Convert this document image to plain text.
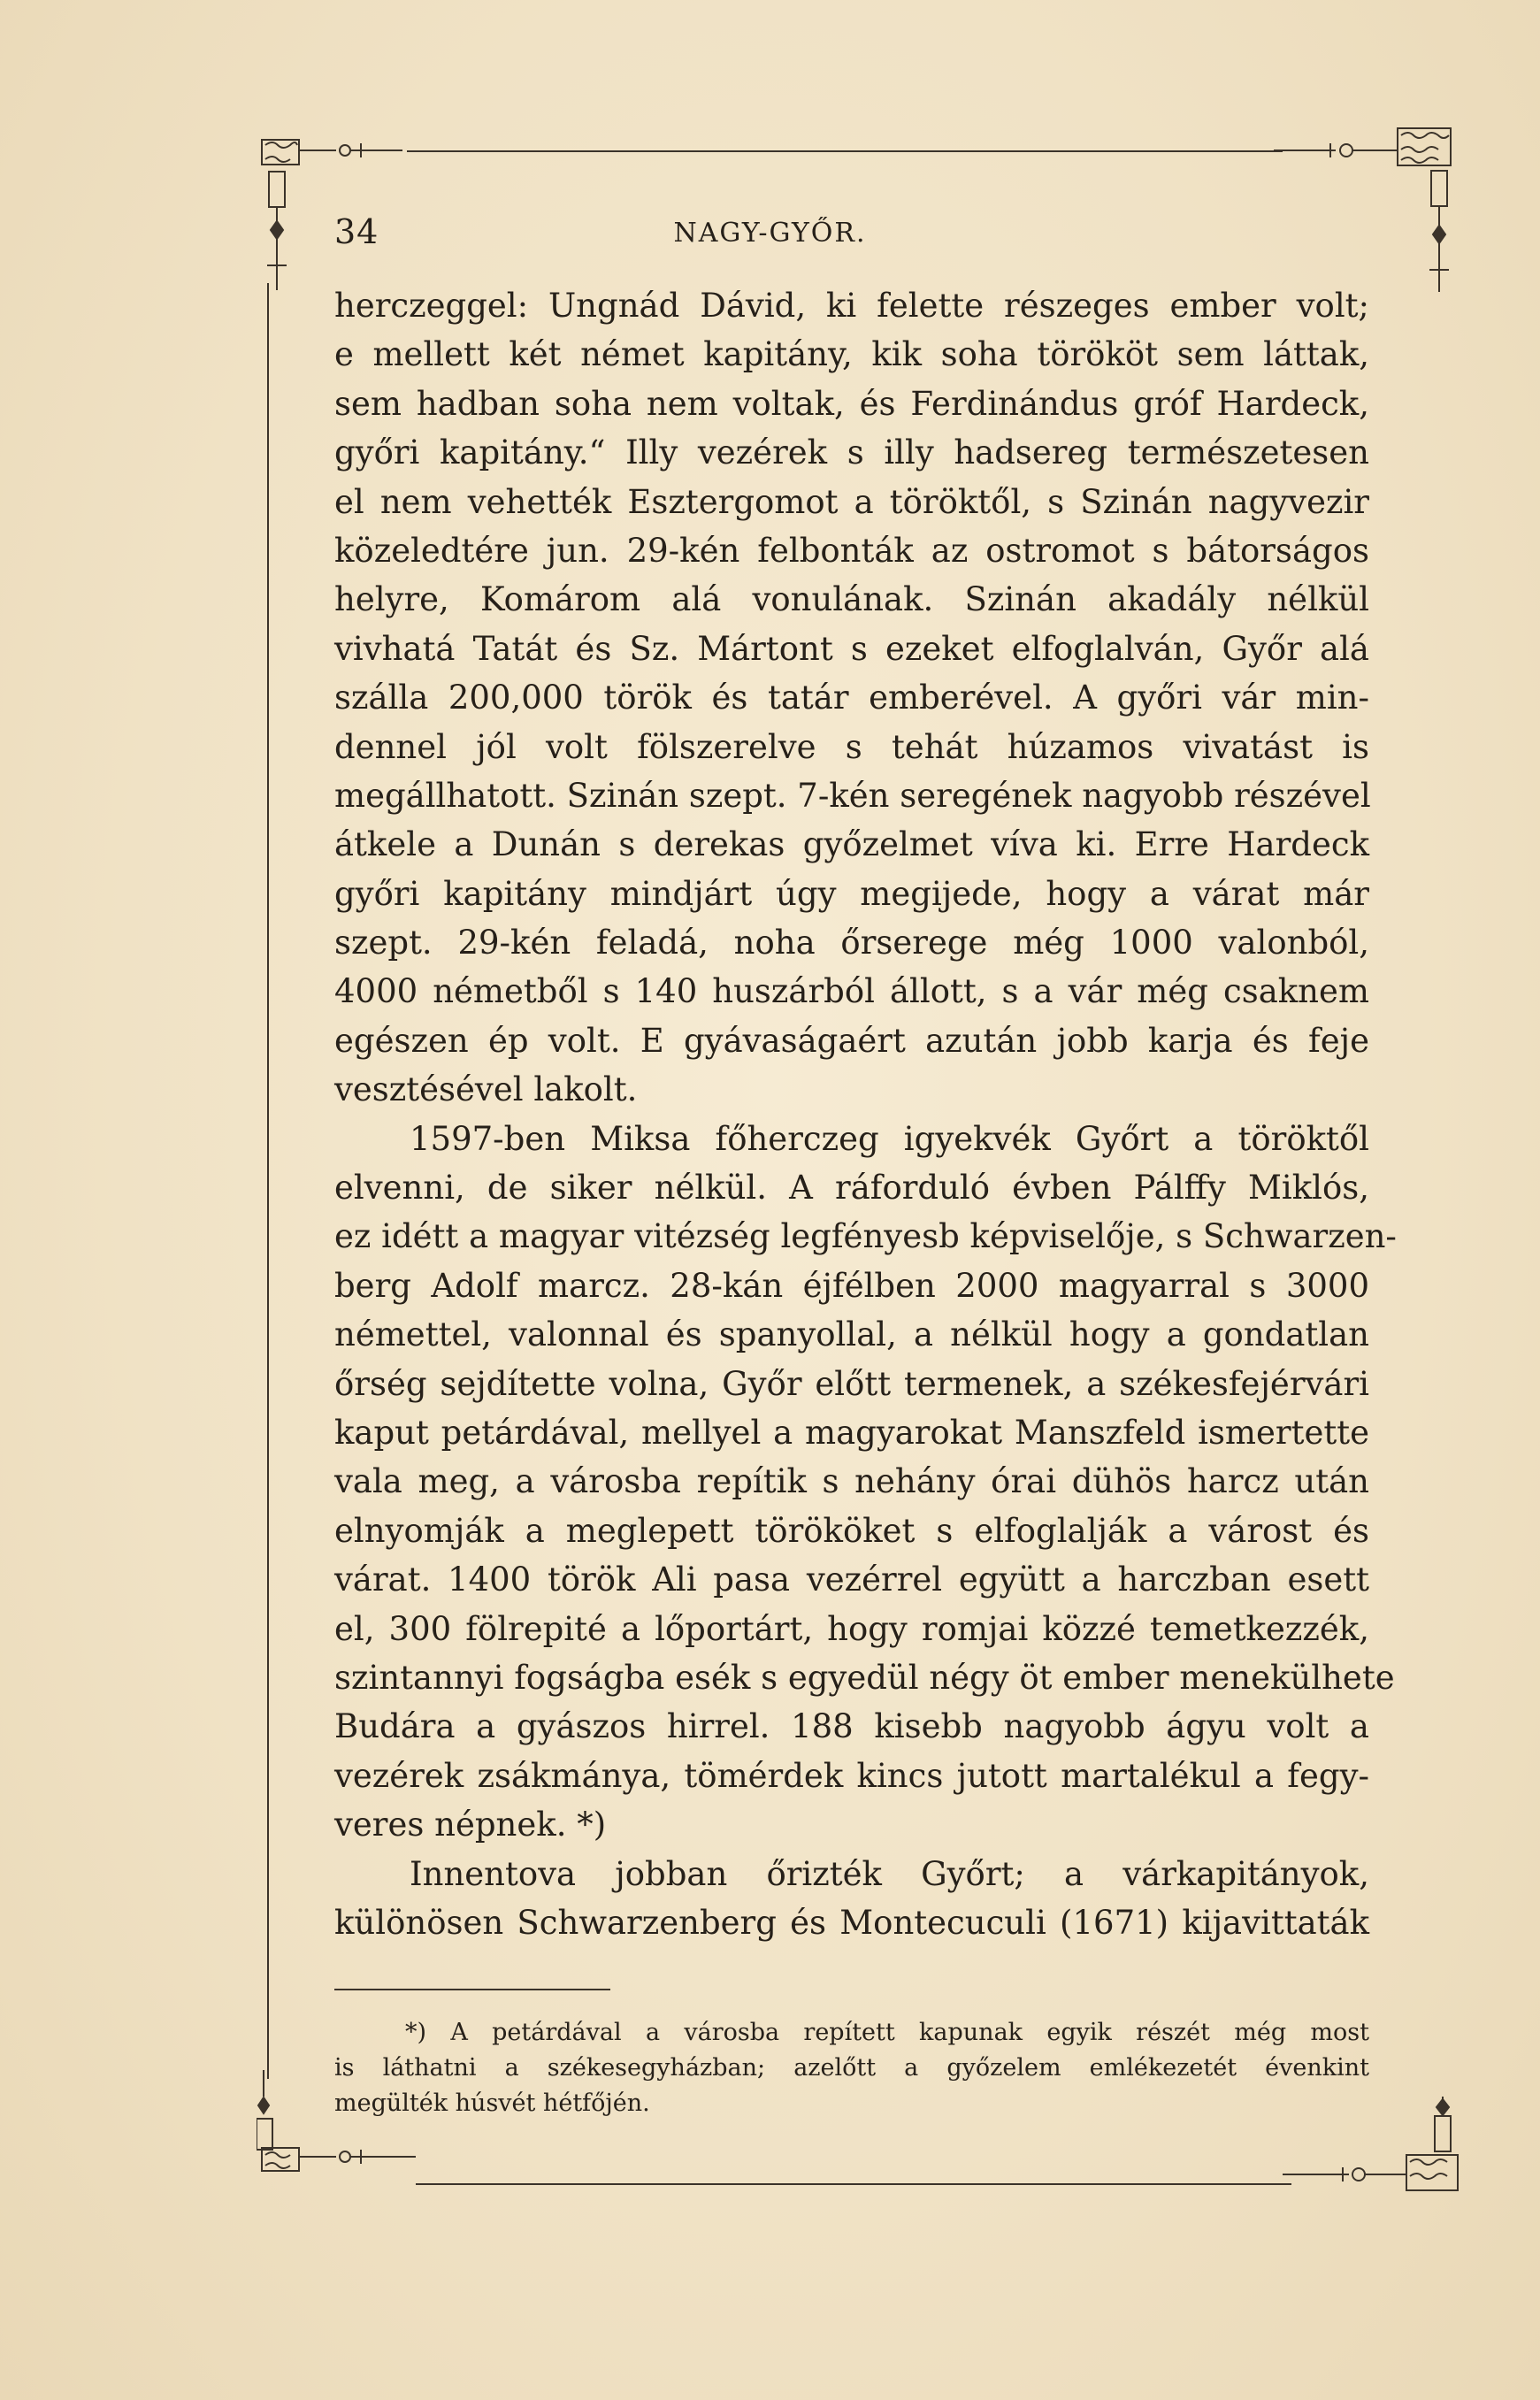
34	NAGY-GYŐR.
herczeggel: Ungnád Dávid, ki felette részeges ember volt;
e mellett két német kapitány, kik soha törököt sem láttak,
sem hadban soha nem voltak, és Ferdinándus gróf Hardeck,
győri kapitány.“ Illy vezérek s illy hadsereg természetesen
el nem vehették Esztergomot a töröktől, s Szinán nagyvezir
közeledtére jun. 29-kén felbonták az ostromot s bátorságos
helyre, Komárom alá vonulának. Szinán akadály nélkül
vivhatá Tatát és Sz. Mártont s ezeket elfoglalván, Győr alá
szálla 200,000 török és tatár emberével. A győri vár min-
dennel jól volt fölszerelve s tehát húzamos vivatást is
megállhatott. Szinán szept. 7-kén seregének nagyobb részével
átkele a Dunán s derekas győzelmet víva ki. Erre Hardeck
győri kapitány mindjárt úgy megijede, hogy a várat már
szept. 29-kén feladá, noha őrserege még 1000 valonból,
4000 németből s 140 huszárból állott, s a vár még csaknem
egészen ép volt. E gyávaságaért azután jobb karja és feje
vesztésével lakolt.
1597-ben Miksa főherczeg igyekvék Győrt a töröktől
elvenni, de siker nélkül. A ráforduló évben Pálffy Miklós,
ez idétt a magyar vitézség legfényesb képviselője, s Schwarzen-
berg Adolf marcz. 28-kán éjfélben 2000 magyarral s 3000
némettel, valonnal és spanyollal, a nélkül hogy a gondatlan
őrség sejdítette volna, Győr előtt termenek, a székesfejérvári
kaput petárdával, mellyel a magyarokat Manszfeld ismertette
vala meg, a városba repítik s nehány órai dühös harcz után
elnyomják a meglepett törököket s elfoglalják a várost és
várat. 1400 török Ali pasa vezérrel együtt a harczban esett
el, 300 fölrepité a lőportárt, hogy romjai közzé temetkezzék,
szintannyi fogságba esék s egyedül négy öt ember menekülhete
Budára a gyászos hirrel. 188 kisebb nagyobb ágyu volt a
vezérek zsákmánya, tömérdek kincs jutott martalékul a fegy-
veres népnek. *)
Innentova jobban őrizték Győrt; a várkapitányok,
különösen Schwarzenberg és Montecuculi (1671) kijavittaták
*) A petárdával a városba repített kapunak egyik részét még most
is láthatni a székesegyházban; azelőtt a győzelem emlékezetét évenkint
megülték húsvét hétfőjén.
